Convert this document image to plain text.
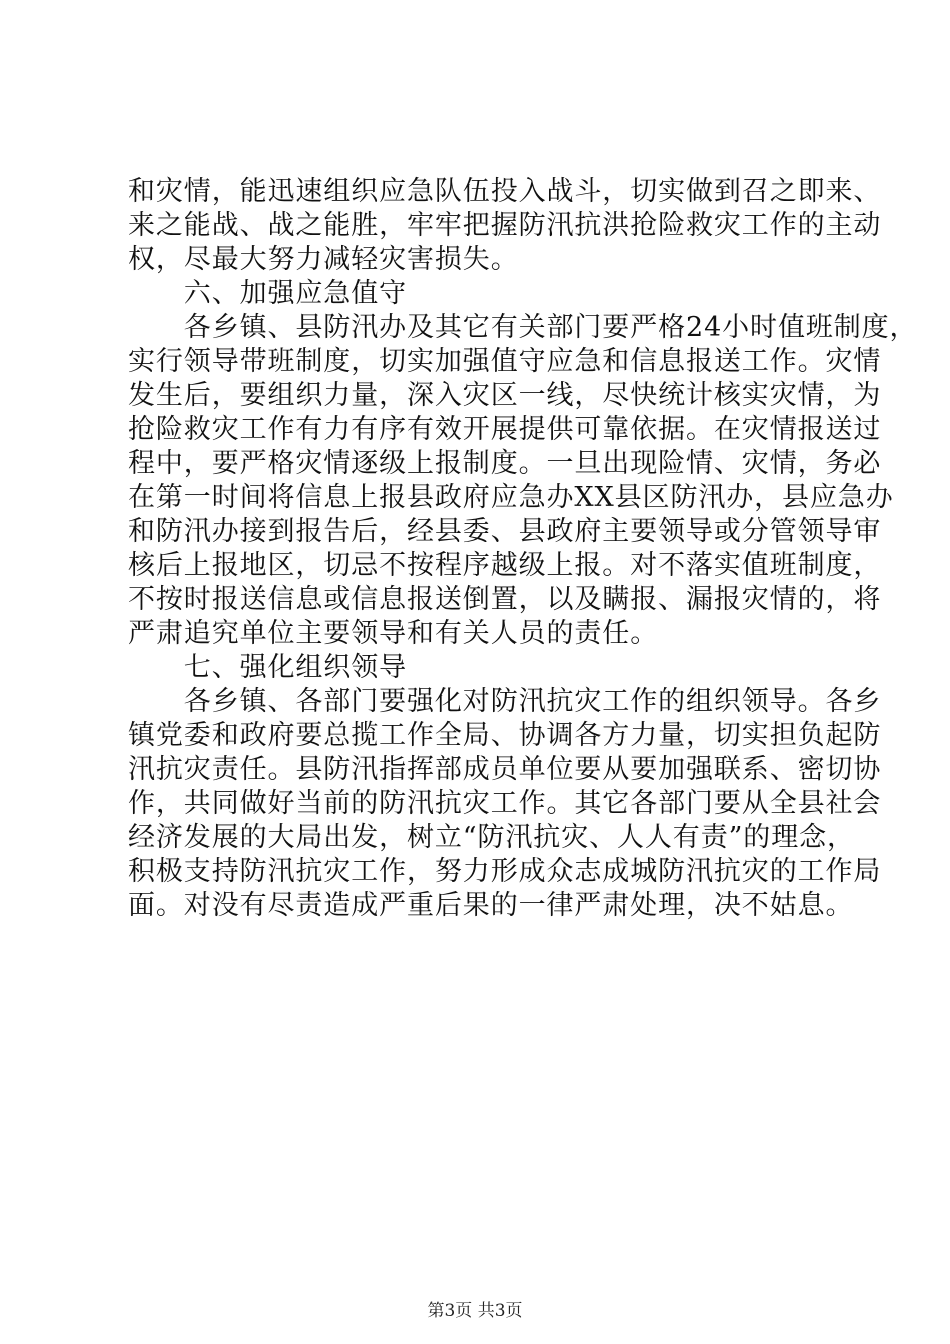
和灾情，能迅速组织应急队伍投入战斗，切实做到召之即来、
来之能战、战之能胜，牢牢把握防汛抗洪抢险救灾工作的主动
权，尽最大努力减轻灾害损失。
　　六、加强应急值守
　　各乡镇、县防汛办及其它有关部门要严格24小时值班制度，
实行领导带班制度，切实加强值守应急和信息报送工作。灾情
发生后，要组织力量，深入灾区一线，尽快统计核实灾情，为
抢险救灾工作有力有序有效开展提供可靠依据。在灾情报送过
程中，要严格灾情逐级上报制度。一旦出现险情、灾情，务必
在第一时间将信息上报县政府应急办XX县区防汛办，县应急办
和防汛办接到报告后，经县委、县政府主要领导或分管领导审
核后上报地区，切忌不按程序越级上报。对不落实值班制度，
不按时报送信息或信息报送倒置，以及瞒报、漏报灾情的，将
严肃追究单位主要领导和有关人员的责任。
　　七、强化组织领导
　　各乡镇、各部门要强化对防汛抗灾工作的组织领导。各乡
镇党委和政府要总揽工作全局、协调各方力量，切实担负起防
汛抗灾责任。县防汛指挥部成员单位要从要加强联系、密切协
作，共同做好当前的防汛抗灾工作。其它各部门要从全县社会
经济发展的大局出发，树立“防汛抗灾、人人有责”的理念，
积极支持防汛抗灾工作，努力形成众志成城防汛抗灾的工作局
面。对没有尽责造成严重后果的一律严肃处理，决不姑息。
第3页 共3页
